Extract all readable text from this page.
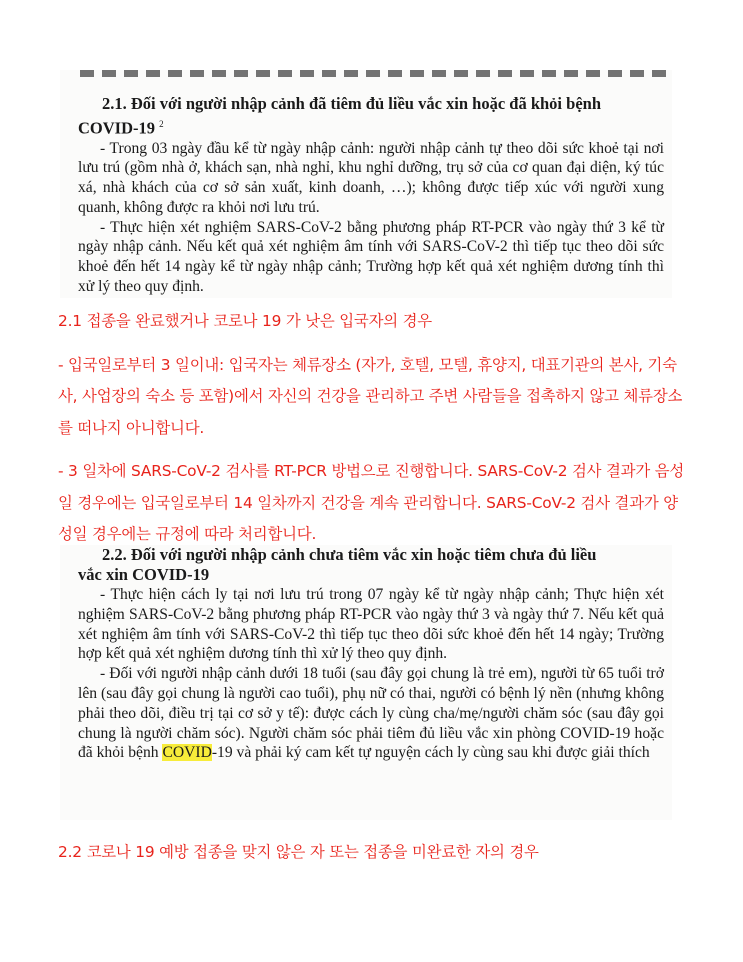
2.1. Đối với người nhập cảnh đã tiêm đủ liều vắc xin hoặc đã khỏi bệnh
COVID-19 $^2$

- Trong 03 ngày đầu kể từ ngày nhập cảnh: người nhập cảnh tự theo dõi sức khoẻ tại nơi lưu trú (gồm nhà ở, khách sạn, nhà nghỉ, khu nghỉ dưỡng, trụ sở của cơ quan đại diện, ký túc xá, nhà khách của cơ sở sản xuất, kinh doanh, …); không được tiếp xúc với người xung quanh, không được ra khỏi nơi lưu trú.

- Thực hiện xét nghiệm SARS-CoV-2 bằng phương pháp RT-PCR vào ngày thứ 3 kể từ ngày nhập cảnh. Nếu kết quả xét nghiệm âm tính với SARS-CoV-2 thì tiếp tục theo dõi sức khoẻ đến hết 14 ngày kể từ ngày nhập cảnh; Trường hợp kết quả xét nghiệm dương tính thì xử lý theo quy định.

2.1 접종을 완료했거나 코로나 19 가 낫은 입국자의 경우

- 입국일로부터 3 일이내: 입국자는 체류장소 (자가, 호텔, 모텔, 휴양지, 대표기관의 본사, 기숙사, 사업장의 숙소 등 포함)에서 자신의 건강을 관리하고 주변 사람들을 접촉하지 않고 체류장소를 떠나지 아니합니다.

- 3 일차에 SARS-CoV-2 검사를 RT-PCR 방법으로 진행합니다. SARS-CoV-2 검사 결과가 음성일 경우에는 입국일로부터 14 일차까지 건강을 계속 관리합니다. SARS-CoV-2 검사 결과가 양성일 경우에는 규정에 따라 처리합니다.

2.2. Đối với người nhập cảnh chưa tiêm vắc xin hoặc tiêm chưa đủ liều
vắc xin COVID-19

- Thực hiện cách ly tại nơi lưu trú trong 07 ngày kể từ ngày nhập cảnh; Thực hiện xét nghiệm SARS-CoV-2 bằng phương pháp RT-PCR vào ngày thứ 3 và ngày thứ 7. Nếu kết quả xét nghiệm âm tính với SARS-CoV-2 thì tiếp tục theo dõi sức khoẻ đến hết 14 ngày; Trường hợp kết quả xét nghiệm dương tính thì xử lý theo quy định.

- Đối với người nhập cảnh dưới 18 tuổi (sau đây gọi chung là trẻ em), người từ 65 tuổi trở lên (sau đây gọi chung là người cao tuổi), phụ nữ có thai, người có bệnh lý nền (nhưng không phải theo dõi, điều trị tại cơ sở y tế): được cách ly cùng cha/mẹ/người chăm sóc (sau đây gọi chung là người chăm sóc). Người chăm sóc phải tiêm đủ liều vắc xin phòng COVID-19 hoặc đã khỏi bệnh COVID-19 và phải ký cam kết tự nguyện cách ly cùng sau khi được giải thích

2.2 코로나 19 예방 접종을 맞지 않은 자 또는 접종을 미완료한 자의 경우
